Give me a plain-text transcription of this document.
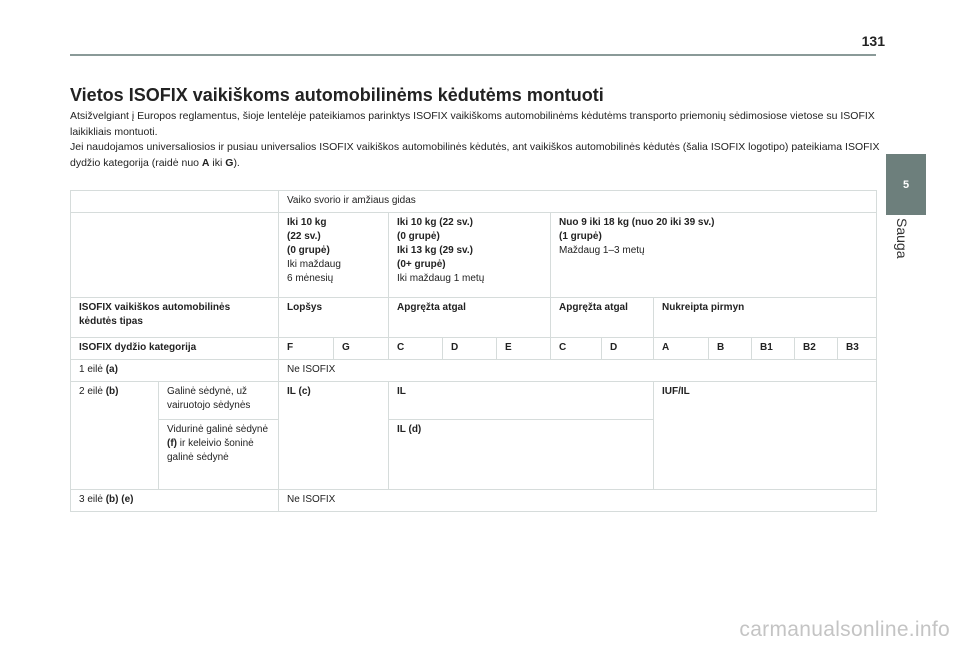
131
5
Sauga
Vietos ISOFIX vaikiškoms automobilinėms kėdutėms montuoti

Atsižvelgiant į Europos reglamentus, šioje lentelėje pateikiamos parinktys ISOFIX vaikiškoms automobilinėms kėdutėms transporto priemonių sėdimosiose vietose su ISOFIX laikikliais montuoti.

Jei naudojamos universaliosios ir pusiau universalios ISOFIX vaikiškos automobilinės kėdutės, ant vaikiškos automobilinės kėdutės (šalia ISOFIX logotipo) pateikiama ISOFIX dydžio kategorija (raidė nuo A iki G).

		Vaiko svorio ir amžiaus gidas											

		Iki 10 kg
(22 sv.)
(0 grupė)
Iki maždaug
6 mėnesių		Iki 10 kg (22 sv.)
(0 grupė)
Iki 13 kg (29 sv.)
(0+ grupė)
Iki maždaug 1 metų			Nuo 9 iki 18 kg (nuo 20 iki 39 sv.)
(1 grupė)
Maždaug 1–3 metų						

ISOFIX vaikiškos automobilinės kėdutės tipas		Lopšys		Apgręžta atgal			Apgręžta atgal		Nukreipta pirmyn				
ISOFIX dydžio kategorija		F	G	C	D	E	C	D	A	B	B1	B2	B3
1 eilė (a)		Ne ISOFIX											
2 eilė (b)	Galinė sėdynė, už vairuotojo sėdynės	IL (c)		IL					IUF/IL				
	Vidurinė galinė sėdynė (f) ir keleivio šoninė galinė sėdynė			IL (d)									
3 eilė (b) (e)		Ne ISOFIX											
carmanualsonline.info
